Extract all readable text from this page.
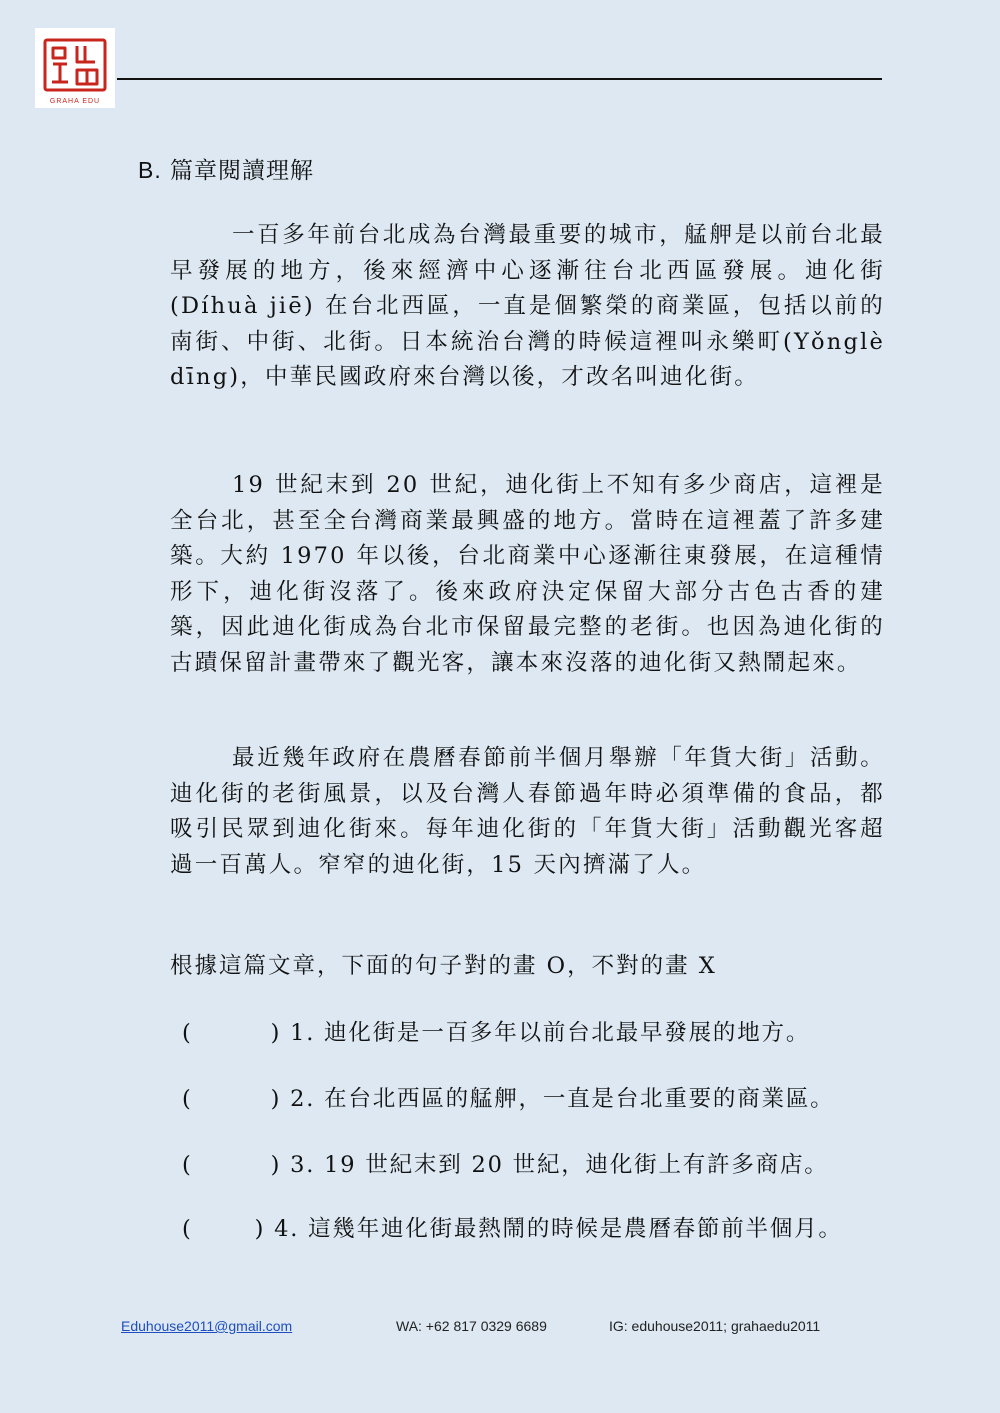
GRAHA EDU
B. 篇章閱讀理解

一百多年前台北成為台灣最重要的城市，艋舺是以前台北最早發展的地方，後來經濟中心逐漸往台北西區發展。迪化街 (Díhuà jiē) 在台北西區，一直是個繁榮的商業區，包括以前的南街、中街、北街。日本統治台灣的時候這裡叫永樂町(Yǒnglè dīng)，中華民國政府來台灣以後，才改名叫迪化街。

19 世紀末到 20 世紀，迪化街上不知有多少商店，這裡是全台北，甚至全台灣商業最興盛的地方。當時在這裡蓋了許多建築。大約 1970 年以後，台北商業中心逐漸往東發展，在這種情形下，迪化街沒落了。後來政府決定保留大部分古色古香的建築，因此迪化街成為台北市保留最完整的老街。也因為迪化街的古蹟保留計畫帶來了觀光客，讓本來沒落的迪化街又熱鬧起來。

最近幾年政府在農曆春節前半個月舉辦「年貨大街」活動。迪化街的老街風景，以及台灣人春節過年時必須準備的食品，都吸引民眾到迪化街來。每年迪化街的「年貨大街」活動觀光客超過一百萬人。窄窄的迪化街，15 天內擠滿了人。

根據這篇文章，下面的句子對的畫 O，不對的畫 X
(	) 1. 迪化街是一百多年以前台北最早發展的地方。
(	) 2. 在台北西區的艋舺，一直是台北重要的商業區。
(	) 3. 19 世紀末到 20 世紀，迪化街上有許多商店。
(	) 4. 這幾年迪化街最熱鬧的時候是農曆春節前半個月。
Eduhouse2011@gmail.com	WA: +62 817 0329 6689	IG: eduhouse2011; grahaedu2011
